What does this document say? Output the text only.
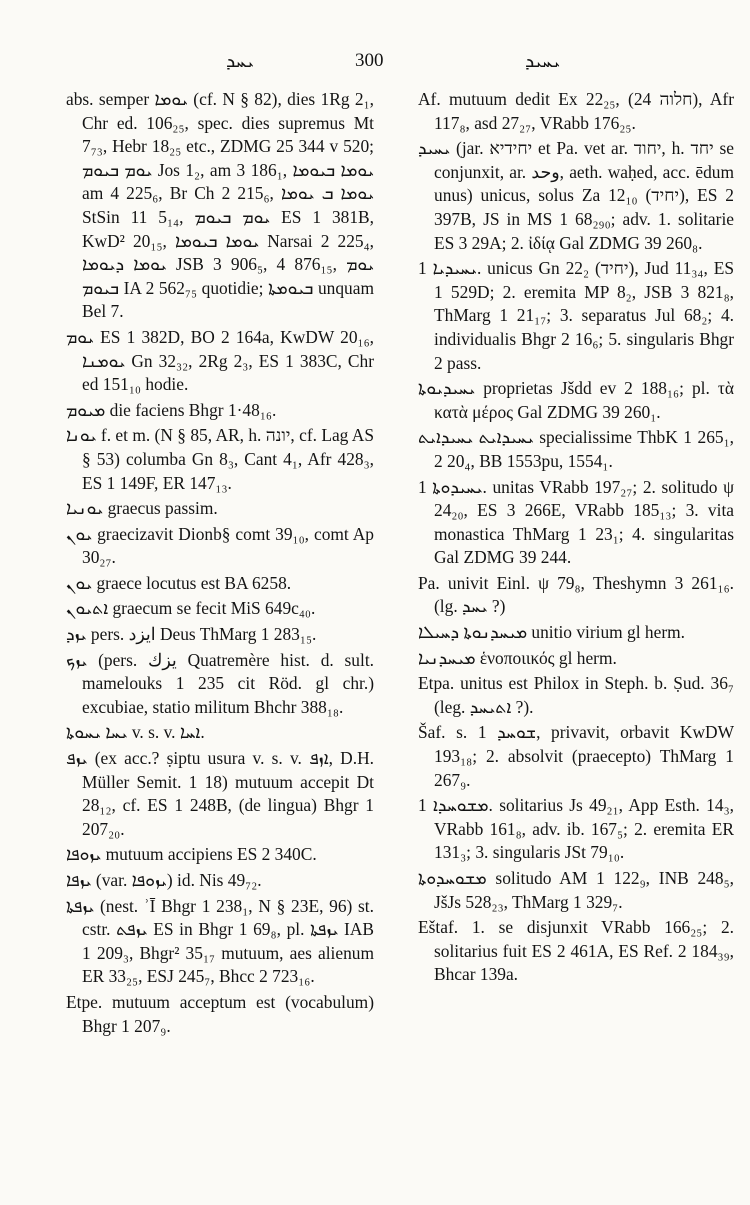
ܝܚܕ	300	ܝܚܝܕ

abs. semper ܝܘܡܐ (cf. N § 82), dies 1Rg 2₁, Chr ed. 106₂₅, spec. dies supremus Mt 7₇₃, Hebr 18₂₅ etc., ZDMG 25 344 v 520; ܝܘܡ ܒܝܘܡ Jos 1₂, am 3 186₁, ܝܘܡܐ ܒܝܘܡܐ am 4 225₆, Br Ch 2 215₆, ܝܘܡܐ ܒ ܝܘܡܐ StSin 11 5₁₄, ܝܘܡ ܒܝܘܡ ES 1 381B, KwD² 20₁₅, ܝܘܡܐ ܒܝܘܡܐ Narsai 2 225₄, ܝܘܡܐ ܕܝܘܡܐ JSB 3 906₅, 4 876₁₅, ܝܘܡ ܒܝܘܡ IA 2 562₇₅ quotidie; ܒܝܘܡܬܐ unquam Bel 7.

ܝܘܡ ES 1 382D, BO 2 164a, KwDW 20₁₆, ܝܘܡܢܐ Gn 32₃₂, 2Rg 2₃, ES 1 383C, Chr ed 151₁₀ hodie.

ܡܝܘܡ die faciens Bhgr 1·48₁₆.

ܝܘܢܐ f. et m. (N § 85, AR, h. יונה, cf. Lag AS § 53) columba Gn 8₃, Cant 4₁, Afr 428₃, ES 1 149F, ER 147₁₃.

ܝܘܢܝܐ graecus passim.

ܝܘܢ graecizavit Dionb§ comt 39₁₀, comt Ap 30₂₇.

ܝܘܢ graece locutus est BA 6258.

ܐܬܝܘܢ graecum se fecit MiS 649c₄₀.

ܝܙܕ pers. ايزد Deus ThMarg 1 283₁₅.

ܝܙܟ (pers. يزك Quatremère hist. d. sult. mamelouks 1 235 cit Röd. gl chr.) excubiae, statio militum Bhchr 388₁₈.

ܝܚܐ ܝܚܘܬܐ v. s. v. ܐܚܐ.

ܝܙܦ (ex acc.? ṣiptu usura v. s. v. ܐܙܦ, D.H. Müller Semit. 1 18) mutuum accepit Dt 28₁₂, cf. ES 1 248B, (de lingua) Bhgr 1 207₂₀.

ܝܙܘܦܐ mutuum accipiens ES 2 340C.

ܝܙܦܐ (var. ܝܙܘܦܐ) id. Nis 49₇₂.

ܝܙܦܬܐ (nest. ʾĪ Bhgr 1 238₁, N § 23E, 96) st. cstr. ܝܙܦܬ ES in Bhgr 1 69₈, pl. ܝܙܦܬܐ IAB 1 209₃, Bhgr² 35₁₇ mutuum, aes alienum ER 33₂₅, ESJ 245₇, Bhcc 2 723₁₆.

Etpe. mutuum acceptum est (vocabulum) Bhgr 1 207₉.

Af. mutuum dedit Ex 22₂₅, (24 חלוה), Afr 117₈, asd 27₂₇, VRabb 176₂₅.

ܝܚܝܕ (jar. יחידיא et Pa. vet ar. יחוד, h. יחד se conjunxit, ar. وحد, aeth. waḥed, acc. ēdum unus) unicus, solus Za 12₁₀ (יחיד), ES 2 397B, JS in MS 1 68₂₉₀; adv. 1. solitarie ES 3 29A; 2. ἰδίᾳ Gal ZDMG 39 260₈.

ܝܚܝܕܝܐ 1. unicus Gn 22₂ (יחיד), Jud 11₃₄, ES 1 529D; 2. eremita MP 8₂, JSB 3 821₈, ThMarg 1 21₁₇; 3. separatus Jul 68₂; 4. individualis Bhgr 2 16₆; 5. singularis Bhgr 2 pass.

ܝܚܝܕܝܘܬܐ proprietas Jšdd ev 2 188₁₆; pl. τὰ κατὰ μέρος Gal ZDMG 39 260₁.

ܝܚܝܕܐܝܬ ܝܚܝܕܐܝܬ specialissime ThbK 1 265₁, 2 20₄, BB 1553pu, 1554₁.

ܝܚܝܕܘܬܐ 1. unitas VRabb 197₂₇; 2. solitudo ψ 24₂₀, ES 3 266E, VRabb 185₁₃; 3. vita monastica ThMarg 1 23₁; 4. singularitas Gal ZDMG 39 244.

Pa. univit Einl. ψ 79₈, Theshymn 3 261₁₆. (lg. ܝܚܕ ?)

ܡܝܚܕܢܘܬܐ ܕܚܝܠܐ unitio virium gl herm.

ܡܝܚܕܢܝܐ ἑνοποιικός gl herm.

Etpa. unitus est Philox in Steph. b. Ṣud. 36₇ (leg. ܐܬܝܚܕ ?).

Šaf. s. ܫܘܚܕ 1, privavit, orbavit KwDW 193₁₈; 2. absolvit (praecepto) ThMarg 1 267₉.

ܡܫܘܚܕܐ 1. solitarius Js 49₂₁, App Esth. 14₃, VRabb 161₈, adv. ib. 167₅; 2. eremita ER 131₃; 3. singularis JSt 79₁₀.

ܡܫܘܚܕܘܬܐ solitudo AM 1 122₉, INB 248₅, JšJs 528₂₃, ThMarg 1 329₇.

Eštaf. 1. se disjunxit VRabb 166₂₅; 2. solitarius fuit ES 2 461A, ES Ref. 2 184₃₉, Bhcar 139a.
